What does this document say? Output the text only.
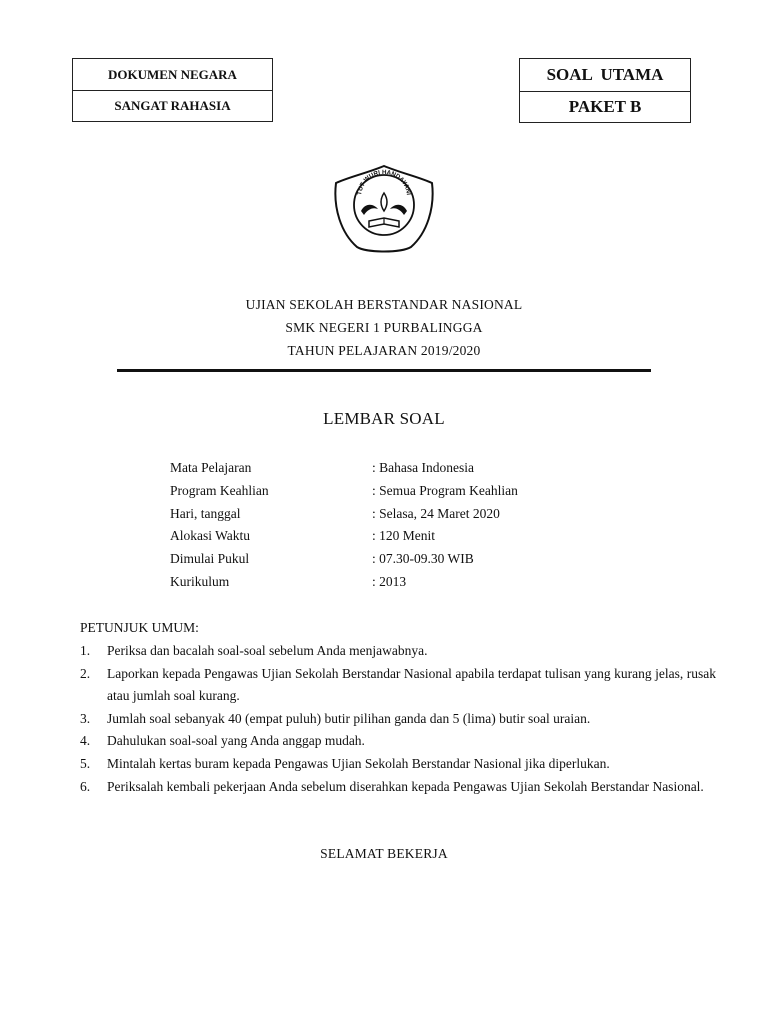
DOKUMEN NEGARA
SANGAT RAHASIA
SOAL  UTAMA
PAKET B
TUT WURI HANDAYANI
UJIAN SEKOLAH BERSTANDAR NASIONAL
SMK NEGERI 1 PURBALINGGA
TAHUN PELAJARAN 2019/2020
LEMBAR SOAL
Mata Pelajaran	: Bahasa Indonesia
Program Keahlian	: Semua Program Keahlian
Hari, tanggal	: Selasa, 24 Maret 2020
Alokasi Waktu	: 120 Menit
Dimulai Pukul	: 07.30-09.30 WIB
Kurikulum	: 2013
PETUNJUK UMUM:
1.	Periksa dan bacalah soal-soal sebelum Anda menjawabnya.
2.	Laporkan kepada Pengawas Ujian Sekolah Berstandar Nasional apabila terdapat tulisan yang kurang jelas, rusak atau jumlah soal kurang.
3.	Jumlah soal sebanyak 40 (empat puluh) butir pilihan ganda dan 5 (lima) butir soal uraian.
4.	Dahulukan soal-soal yang Anda anggap mudah.
5.	Mintalah kertas buram kepada Pengawas Ujian Sekolah Berstandar Nasional jika diperlukan.
6.	Periksalah kembali pekerjaan Anda sebelum diserahkan kepada Pengawas Ujian Sekolah Berstandar Nasional.
SELAMAT BEKERJA
